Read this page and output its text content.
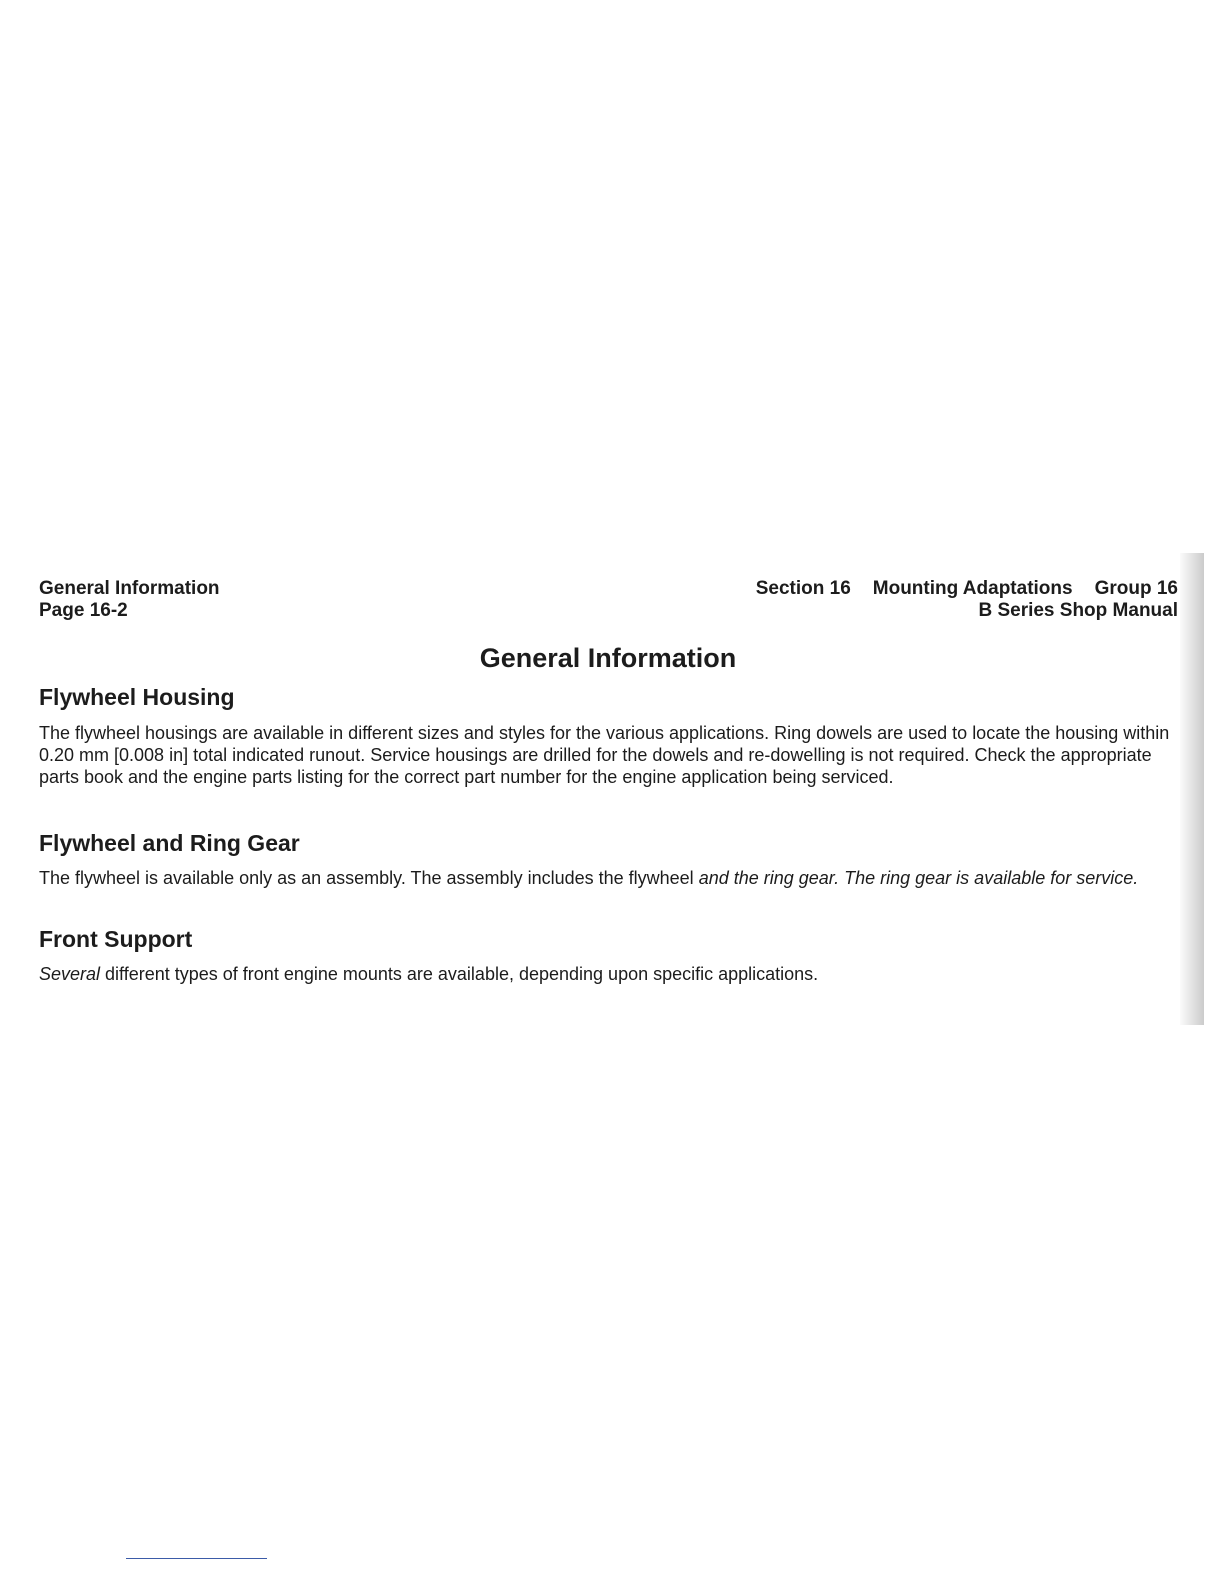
General Information
Page 16-2
Section 16 Mounting Adaptations Group 16
B Series Shop Manual
General Information
Flywheel Housing

The flywheel housings are available in different sizes and styles for the various applications. Ring dowels are used to locate the housing within 0.20 mm [0.008 in] total indicated runout. Service housings are drilled for the dowels and re-dowelling is not required. Check the appropriate parts book and the engine parts listing for the correct part number for the engine application being serviced.

Flywheel and Ring Gear

The flywheel is available only as an assembly. The assembly includes the flywheel and the ring gear. The ring gear is available for service.

Front Support

Several different types of front engine mounts are available, depending upon specific applications.
